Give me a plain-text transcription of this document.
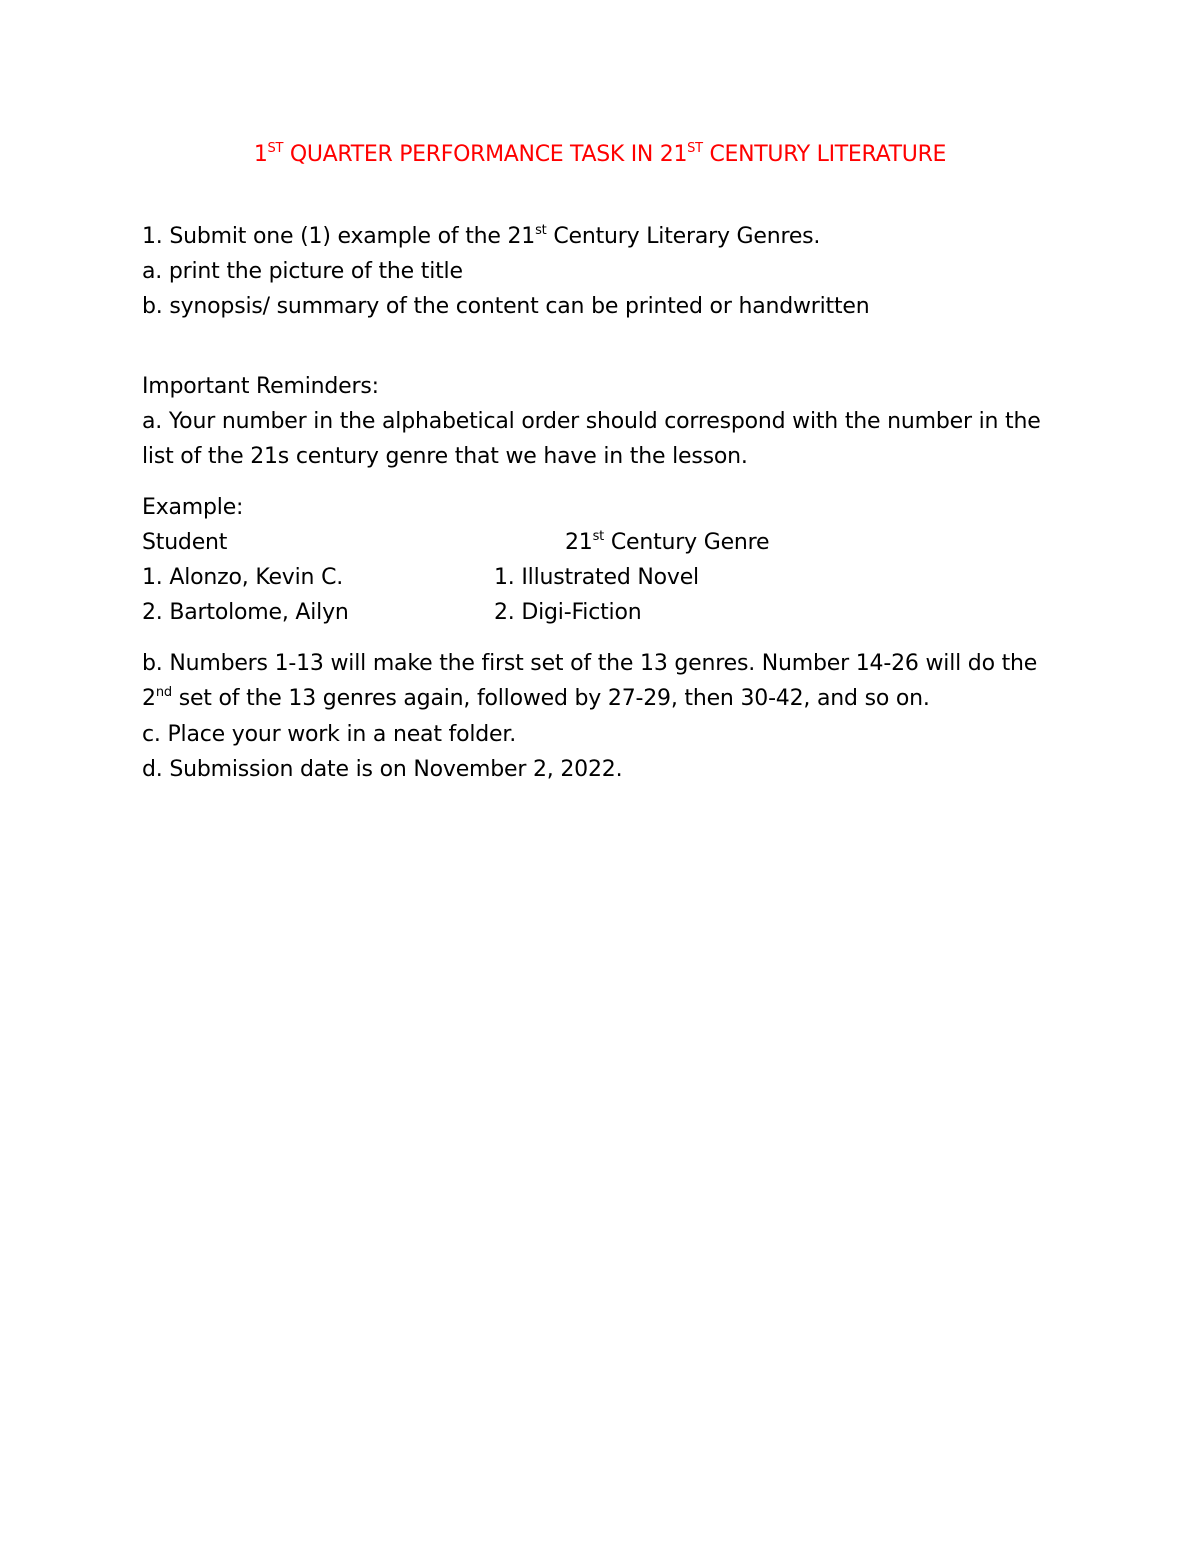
1ST QUARTER PERFORMANCE TASK IN 21ST CENTURY LITERATURE
1. Submit one (1) example of the 21st Century Literary Genres.
a. print the picture of the title
b. synopsis/ summary of the content can be printed or handwritten
Important Reminders:
a. Your number in the alphabetical order should correspond with the number in the
list of the 21s century genre that we have in the lesson.
Example:
Student	21st Century Genre
1. Alonzo, Kevin C.	1. Illustrated Novel
2. Bartolome, Ailyn	2. Digi-Fiction
b. Numbers 1-13 will make the first set of the 13 genres. Number 14-26 will do the
2nd set of the 13 genres again, followed by 27-29, then 30-42, and so on.
c. Place your work in a neat folder.
d. Submission date is on November 2, 2022.
